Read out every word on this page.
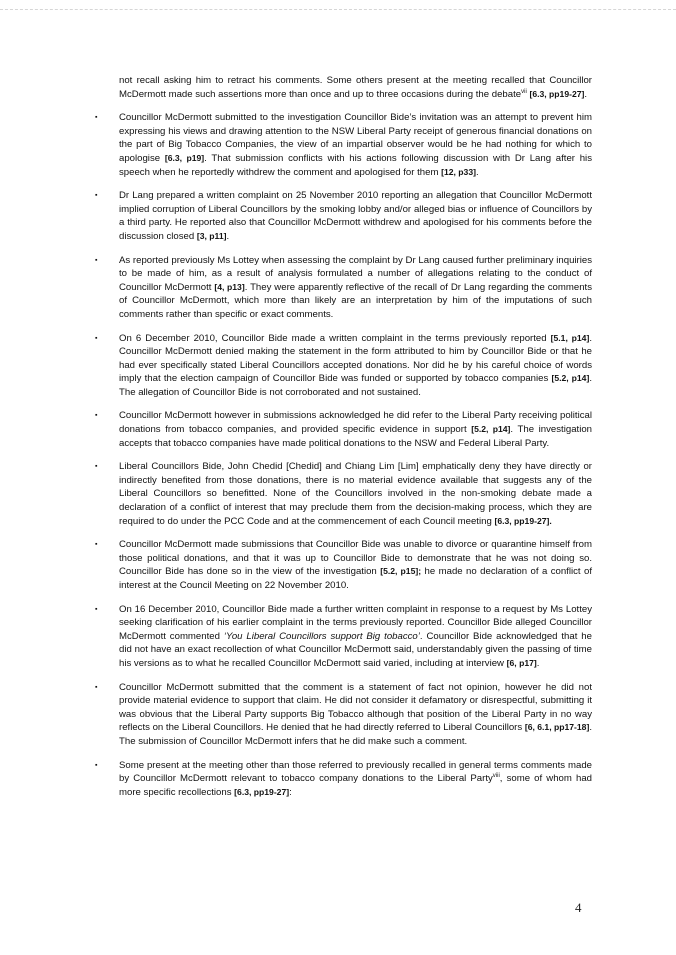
not recall asking him to retract his comments. Some others present at the meeting recalled that Councillor McDermott made such assertions more than once and up to three occasions during the debate$^{vii}$ [6.3, pp19-27].

▪ Councillor McDermott submitted to the investigation Councillor Bide’s invitation was an attempt to prevent him expressing his views and drawing attention to the NSW Liberal Party receipt of generous financial donations on the part of Big Tobacco Companies, the view of an impartial observer would be he had nothing for which to apologise [6.3, p19]. That submission conflicts with his actions following discussion with Dr Lang after his speech when he reportedly withdrew the comment and apologised for them [12, p33].

▪ Dr Lang prepared a written complaint on 25 November 2010 reporting an allegation that Councillor McDermott implied corruption of Liberal Councillors by the smoking lobby and/or alleged bias or influence of Councillors by a third party. He reported also that Councillor McDermott withdrew and apologised for his comments before the discussion closed [3, p11].

▪ As reported previously Ms Lottey when assessing the complaint by Dr Lang caused further preliminary inquiries to be made of him, as a result of analysis formulated a number of allegations relating to the conduct of Councillor McDermott [4, p13]. They were apparently reflective of the recall of Dr Lang regarding the comments of Councillor McDermott, which more than likely are an interpretation by him of the imputations of such comments rather than specific or exact comments.

▪ On 6 December 2010, Councillor Bide made a written complaint in the terms previously reported [5.1, p14]. Councillor McDermott denied making the statement in the form attributed to him by Councillor Bide or that he had ever specifically stated Liberal Councillors accepted donations. Nor did he by his careful choice of words imply that the election campaign of Councillor Bide was funded or supported by tobacco companies [5.2, p14]. The allegation of Councillor Bide is not corroborated and not sustained.

▪ Councillor McDermott however in submissions acknowledged he did refer to the Liberal Party receiving political donations from tobacco companies, and provided specific evidence in support [5.2, p14]. The investigation accepts that tobacco companies have made political donations to the NSW and Federal Liberal Party.

▪ Liberal Councillors Bide, John Chedid [Chedid] and Chiang Lim [Lim] emphatically deny they have directly or indirectly benefited from those donations, there is no material evidence available that suggests any of the Liberal Councillors so benefitted. None of the Councillors involved in the non-smoking debate made a declaration of a conflict of interest that may preclude them from the decision-making process, which they are required to do under the PCC Code and at the commencement of each Council meeting [6.3, pp19-27].

▪ Councillor McDermott made submissions that Councillor Bide was unable to divorce or quarantine himself from those political donations, and that it was up to Councillor Bide to demonstrate that he was not doing so. Councillor Bide has done so in the view of the investigation [5.2, p15]; he made no declaration of a conflict of interest at the Council Meeting on 22 November 2010.

▪ On 16 December 2010, Councillor Bide made a further written complaint in response to a request by Ms Lottey seeking clarification of his earlier complaint in the terms previously reported. Councillor Bide alleged Councillor McDermott commented ‘You Liberal Councillors support Big tobacco’. Councillor Bide acknowledged that he did not have an exact recollection of what Councillor McDermott said, understandably given the passing of time his versions as to what he recalled Councillor McDermott said varied, including at interview [6, p17].

▪ Councillor McDermott submitted that the comment is a statement of fact not opinion, however he did not provide material evidence to support that claim. He did not consider it defamatory or disrespectful, submitting it was obvious that the Liberal Party supports Big Tobacco although that position of the Liberal Party in no way reflects on the Liberal Councillors. He denied that he had directly referred to Liberal Councillors [6, 6.1, pp17-18]. The submission of Councillor McDermott infers that he did make such a comment.

▪ Some present at the meeting other than those referred to previously recalled in general terms comments made by Councillor McDermott relevant to tobacco company donations to the Liberal Party$^{viii}$, some of whom had more specific recollections [6.3, pp19-27]:

4
